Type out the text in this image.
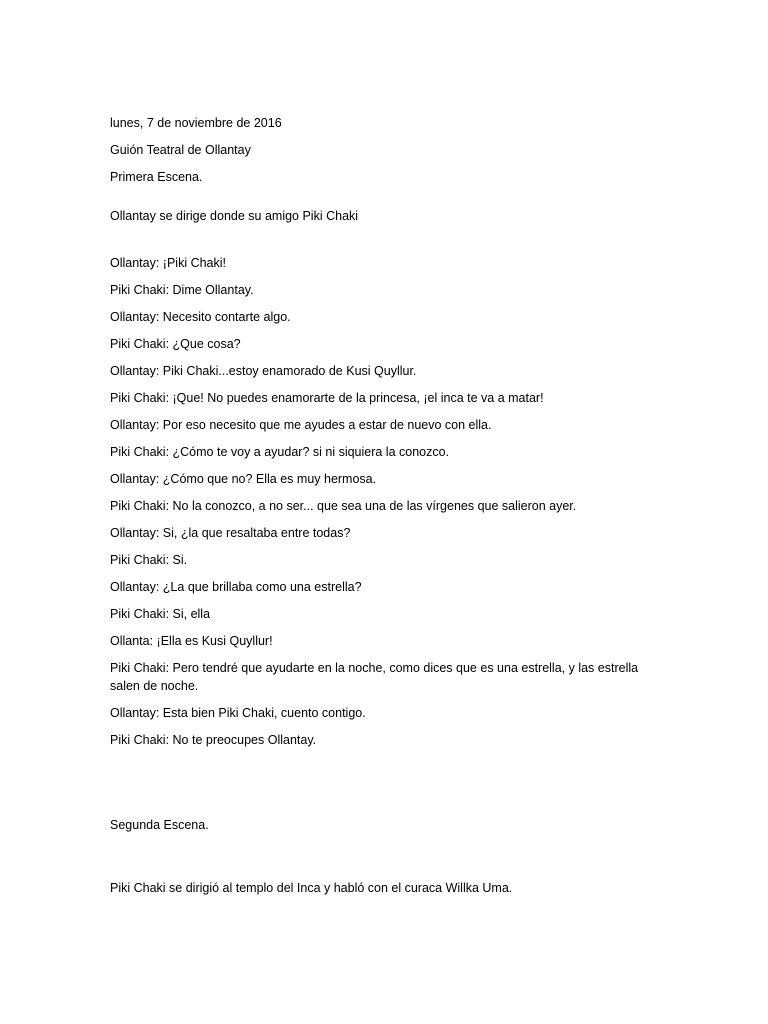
lunes, 7 de noviembre de 2016

Guión Teatral de Ollantay

Primera Escena.

Ollantay se dirige donde su amigo Piki Chaki

Ollantay: ¡Piki Chaki!

Piki Chaki: Dime Ollantay.

Ollantay: Necesito contarte algo.

Piki Chaki: ¿Que cosa?

Ollantay: Piki Chaki...estoy enamorado de Kusi Quyllur.

Piki Chaki: ¡Que! No puedes enamorarte de la princesa, ¡el inca te va a matar!

Ollantay: Por eso necesito que me ayudes a estar de nuevo con ella.

Piki Chaki: ¿Cómo te voy a ayudar? si ni siquiera la conozco.

Ollantay: ¿Cómo que no? Ella es muy hermosa.

Piki Chaki: No la conozco, a no ser... que sea una de las vírgenes que salieron ayer.

Ollantay: Si, ¿la que resaltaba entre todas?

Piki Chaki: Si.

Ollantay: ¿La que brillaba como una estrella?

Piki Chaki: Si, ella

Ollanta: ¡Ella es Kusi Quyllur!

Piki Chaki: Pero tendré que ayudarte en la noche, como dices que es una estrella, y las estrella salen de noche.

Ollantay: Esta bien Piki Chaki, cuento contigo.

Piki Chaki: No te preocupes Ollantay.

Segunda Escena.

Piki Chaki se dirigió al templo del Inca y habló con el curaca Willka Uma.
